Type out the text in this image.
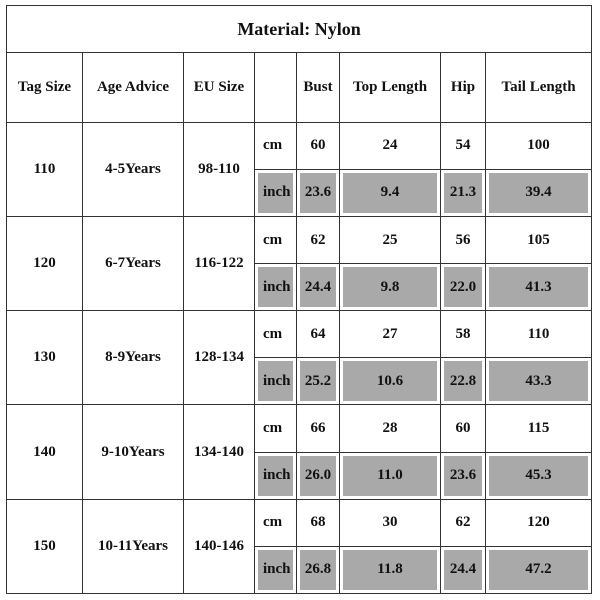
Material: Nylon							
Tag Size	Age Advice	EU Size		Bust	Top Length	Hip	Tail Length
110	4-5Years	98-110	cm	60	24	54	100
			inch	23.6	9.4	21.3	39.4
120	6-7Years	116-122	cm	62	25	56	105
			inch	24.4	9.8	22.0	41.3
130	8-9Years	128-134	cm	64	27	58	110
			inch	25.2	10.6	22.8	43.3
140	9-10Years	134-140	cm	66	28	60	115
			inch	26.0	11.0	23.6	45.3
150	10-11Years	140-146	cm	68	30	62	120
			inch	26.8	11.8	24.4	47.2
